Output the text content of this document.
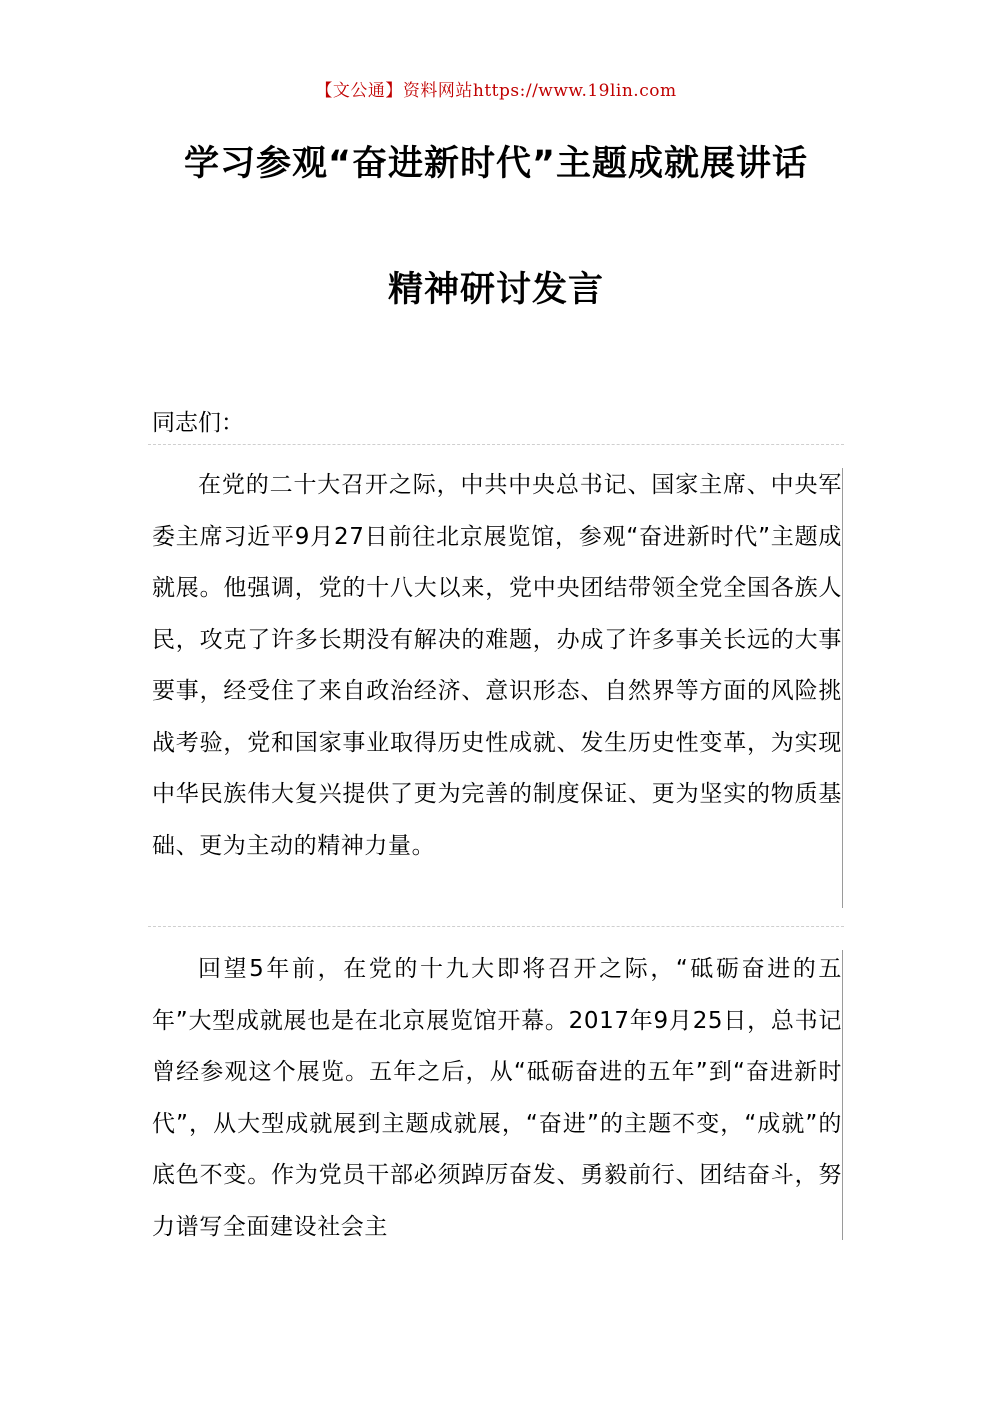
【文公通】资料网站https://www.19lin.com
学习参观“奋进新时代”主题成就展讲话
精神研讨发言
同志们：

在党的二十大召开之际，中共中央总书记、国家主席、中央军委主席习近平9月27日前往北京展览馆，参观“奋进新时代”主题成就展。他强调，党的十八大以来，党中央团结带领全党全国各族人民，攻克了许多长期没有解决的难题，办成了许多事关长远的大事要事，经受住了来自政治经济、意识形态、自然界等方面的风险挑战考验，党和国家事业取得历史性成就、发生历史性变革，为实现中华民族伟大复兴提供了更为完善的制度保证、更为坚实的物质基础、更为主动的精神力量。

回望5年前，在党的十九大即将召开之际，“砥砺奋进的五年”大型成就展也是在北京展览馆开幕。2017年9月25日，总书记曾经参观这个展览。五年之后，从“砥砺奋进的五年”到“奋进新时代”，从大型成就展到主题成就展，“奋进”的主题不变，“成就”的底色不变。作为党员干部必须踔厉奋发、勇毅前行、团结奋斗，努力谱写全面建设社会主
